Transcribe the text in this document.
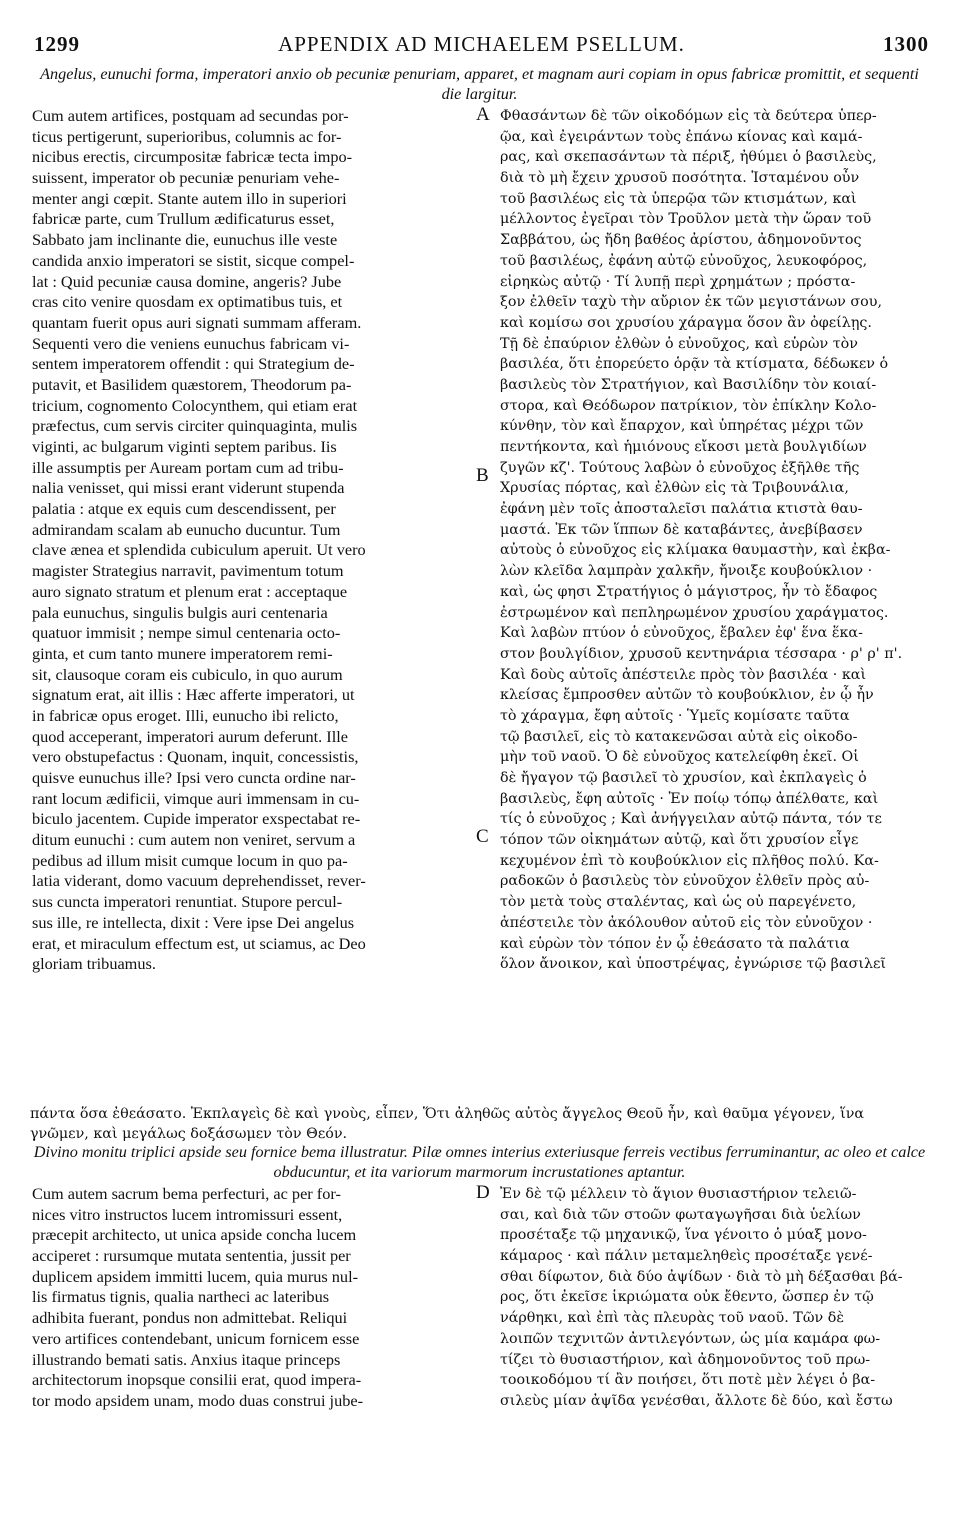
1299	APPENDIX AD MICHAELEM PSELLUM.	1300
Angelus, eunuchi forma, imperatori anxio ob pecuniæ penuriam, apparet, et magnam auri copiam in opus fabricæ promittit, et sequenti die largitur.
Cum autem artifices, postquam ad secundas por-
ticus pertigerunt, superioribus, columnis ac for-
nicibus erectis, circumpositæ fabricæ tecta impo-
suissent, imperator ob pecuniæ penuriam vehe-
menter angi cœpit. Stante autem illo in superiori
fabricæ parte, cum Trullum ædificaturus esset,
Sabbato jam inclinante die, eunuchus ille veste
candida anxio imperatori se sistit, sicque compel-
lat : Quid pecuniæ causa domine, angeris? Jube
cras cito venire quosdam ex optimatibus tuis, et
quantam fuerit opus auri signati summam afferam.
Sequenti vero die veniens eunuchus fabricam vi-
sentem imperatorem offendit : qui Strategium de-
putavit, et Basilidem quæstorem, Theodorum pa-
tricium, cognomento Colocynthem, qui etiam erat
præfectus, cum servis circiter quinquaginta, mulis
viginti, ac bulgarum viginti septem paribus. Iis
ille assumptis per Auream portam cum ad tribu-
nalia venisset, qui missi erant viderunt stupenda
palatia : atque ex equis cum descendissent, per
admirandam scalam ab eunucho ducuntur. Tum
clave ænea et splendida cubiculum aperuit. Ut vero
magister Strategius narravit, pavimentum totum
auro signato stratum et plenum erat : acceptaque
pala eunuchus, singulis bulgis auri centenaria
quatuor immisit ; nempe simul centenaria octo-
ginta, et cum tanto munere imperatorem remi-
sit, clausoque coram eis cubiculo, in quo aurum
signatum erat, ait illis : Hæc afferte imperatori, ut
in fabricæ opus eroget. Illi, eunucho ibi relicto,
quod acceperant, imperatori aurum deferunt. Ille
vero obstupefactus : Quonam, inquit, concessistis,
quisve eunuchus ille? Ipsi vero cuncta ordine nar-
rant locum ædificii, vimque auri immensam in cu-
biculo jacentem. Cupide imperator exspectabat re-
ditum eunuchi : cum autem non veniret, servum a
pedibus ad illum misit cumque locum in quo pa-
latia viderant, domo vacuum deprehendisset, rever-
sus cuncta imperatori renuntiat. Stupore percul-
sus ille, re intellecta, dixit : Vere ipse Dei angelus
erat, et miraculum effectum est, ut sciamus, ac Deo
gloriam tribuamus.
A
B
C
Φθασάντων δὲ τῶν οἰκοδόμων εἰς τὰ δεύτερα ὑπερ-
ῷα, καὶ ἐγειράντων τοὺς ἐπάνω κίονας καὶ καμά-
ρας, καὶ σκεπασάντων τὰ πέριξ, ἠθύμει ὁ βασιλεὺς,
διὰ τὸ μὴ ἔχειν χρυσοῦ ποσότητα. Ἱσταμένου οὖν
τοῦ βασιλέως εἰς τὰ ὑπερῷα τῶν κτισμάτων, καὶ
μέλλοντος ἐγεῖραι τὸν Τροῦλον μετὰ τὴν ὥραν τοῦ
Σαββάτου, ὡς ἤδη βαθέος ἀρίστου, ἀδημονοῦντος
τοῦ βασιλέως, ἐφάνη αὐτῷ εὐνοῦχος, λευκοφόρος,
εἰρηκὼς αὐτῷ · Τί λυπῇ περὶ χρημάτων ; πρόστα-
ξον ἐλθεῖν ταχὺ τὴν αὔριον ἐκ τῶν μεγιστάνων σου,
καὶ κομίσω σοι χρυσίου χάραγμα ὅσον ἂν ὀφείλῃς.
Τῇ δὲ ἐπαύριον ἐλθὼν ὁ εὐνοῦχος, καὶ εὑρὼν τὸν
βασιλέα, ὅτι ἐπορεύετο ὁρᾷν τὰ κτίσματα, δέδωκεν ὁ
βασιλεὺς τὸν Στρατήγιον, καὶ Βασιλίδην τὸν κοιαί-
στορα, καὶ Θεόδωρον πατρίκιον, τὸν ἐπίκλην Κολο-
κύνθην, τὸν καὶ ἔπαρχον, καὶ ὑπηρέτας μέχρι τῶν
πεντήκοντα, καὶ ἡμιόνους εἴκοσι μετὰ βουλγιδίων
ζυγῶν κζ'. Τούτους λαβὼν ὁ εὐνοῦχος ἐξῆλθε τῆς
Χρυσίας πόρτας, καὶ ἐλθὼν εἰς τὰ Τριβουνάλια,
ἐφάνη μὲν τοῖς ἀποσταλεῖσι παλάτια κτιστὰ θαυ-
μαστά. Ἐκ τῶν ἵππων δὲ καταβάντες, ἀνεβίβασεν
αὐτοὺς ὁ εὐνοῦχος εἰς κλίμακα θαυμαστὴν, καὶ ἐκβα-
λὼν κλεῖδα λαμπρὰν χαλκῆν, ἤνοιξε κουβούκλιον ·
καὶ, ὡς φησι Στρατήγιος ὁ μάγιστρος, ἦν τὸ ἔδαφος
ἐστρωμένον καὶ πεπληρωμένον χρυσίου χαράγματος.
Καὶ λαβὼν πτύον ὁ εὐνοῦχος, ἔβαλεν ἐφ' ἕνα ἕκα-
στον βουλγίδιον, χρυσοῦ κεντηνάρια τέσσαρα · ρ' ρ' π'.
Καὶ δοὺς αὐτοῖς ἀπέστειλε πρὸς τὸν βασιλέα · καὶ
κλείσας ἔμπροσθεν αὐτῶν τὸ κουβούκλιον, ἐν ᾧ ἦν
τὸ χάραγμα, ἔφη αὐτοῖς · Ὑμεῖς κομίσατε ταῦτα
τῷ βασιλεῖ, εἰς τὸ κατακενῶσαι αὐτὰ εἰς οἰκοδο-
μὴν τοῦ ναοῦ. Ὁ δὲ εὐνοῦχος κατελείφθη ἐκεῖ. Οἱ
δὲ ἤγαγον τῷ βασιλεῖ τὸ χρυσίον, καὶ ἐκπλαγεὶς ὁ
βασιλεὺς, ἔφη αὐτοῖς · Ἐν ποίῳ τόπῳ ἀπέλθατε, καὶ
τίς ὁ εὐνοῦχος ; Καὶ ἀνήγγειλαν αὐτῷ πάντα, τόν τε
τόπον τῶν οἰκημάτων αὐτῷ, καὶ ὅτι χρυσίον εἶγε
κεχυμένον ἐπὶ τὸ κουβούκλιον εἰς πλῆθος πολύ. Κα-
ραδοκῶν ὁ βασιλεὺς τὸν εὐνοῦχον ἐλθεῖν πρὸς αὐ-
τὸν μετὰ τοὺς σταλέντας, καὶ ὡς οὐ παρεγένετο,
ἀπέστειλε τὸν ἀκόλουθον αὐτοῦ εἰς τὸν εὐνοῦχον ·
καὶ εὑρὼν τὸν τόπον ἐν ᾧ ἐθεάσατο τὰ παλάτια
ὅλον ἄνοικον, καὶ ὑποστρέψας, ἐγνώρισε τῷ βασιλεῖ
πάντα ὅσα ἐθεάσατο. Ἐκπλαγεὶς δὲ καὶ γνοὺς, εἶπεν, Ὅτι ἀληθῶς αὐτὸς ἄγγελος Θεοῦ ἦν, καὶ θαῦμα γέγονεν, ἵνα
γνῶμεν, καὶ μεγάλως δοξάσωμεν τὸν Θεόν.
Divino monitu triplici apside seu fornice bema illustratur. Pilæ omnes interius exteriusque ferreis vectibus ferruminantur, ac oleo et calce obducuntur, et ita variorum marmorum incrustationes aptantur.
Cum autem sacrum bema perfecturi, ac per for-
nices vitro instructos lucem intromissuri essent,
præcepit architecto, ut unica apside concha lucem
acciperet : rursumque mutata sententia, jussit per
duplicem apsidem immitti lucem, quia murus nul-
lis firmatus tignis, qualia nartheci ac lateribus
adhibita fuerant, pondus non admittebat. Reliqui
vero artifices contendebant, unicum fornicem esse
illustrando bemati satis. Anxius itaque princeps
architectorum inopsque consilii erat, quod impera-
tor modo apsidem unam, modo duas construi jube-
D Ἐν δὲ τῷ μέλλειν τὸ ἅγιον θυσιαστήριον τελειῶ-
σαι, καὶ διὰ τῶν στοῶν φωταγωγῆσαι διὰ ὑελίων
προσέταξε τῷ μηχανικῷ, ἵνα γένοιτο ὁ μύαξ μονο-
κάμαρος · καὶ πάλιν μεταμεληθεὶς προσέταξε γενέ-
σθαι δίφωτον, διὰ δύο ἀψίδων · διὰ τὸ μὴ δέξασθαι βά-
ρος, ὅτι ἐκεῖσε ἱκριώματα οὐκ ἔθεντο, ὥσπερ ἐν τῷ
νάρθηκι, καὶ ἐπὶ τὰς πλευρὰς τοῦ ναοῦ. Τῶν δὲ
λοιπῶν τεχνιτῶν ἀντιλεγόντων, ὡς μία καμάρα φω-
τίζει τὸ θυσιαστήριον, καὶ ἀδημονοῦντος τοῦ πρω-
τοοικοδόμου τί ἂν ποιήσει, ὅτι ποτὲ μὲν λέγει ὁ βα-
σιλεὺς μίαν ἀψῖδα γενέσθαι, ἄλλοτε δὲ δύο, καὶ ἔστω
